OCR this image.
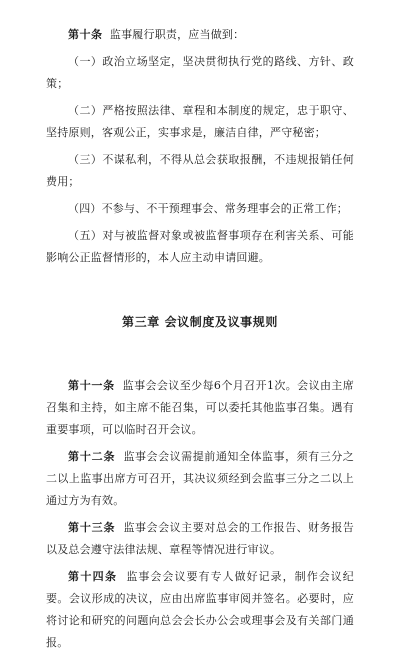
第十条 监事履行职责，应当做到：

（一）政治立场坚定，坚决贯彻执行党的路线、方针、政策；

（二）严格按照法律、章程和本制度的规定，忠于职守、坚持原则，客观公正，实事求是，廉洁自律，严守秘密；

（三）不谋私利，不得从总会获取报酬，不违规报销任何费用；

（四）不参与、不干预理事会、常务理事会的正常工作；

（五）对与被监督对象或被监督事项存在利害关系、可能影响公正监督情形的，本人应主动申请回避。

第三章 会议制度及议事规则

第十一条 监事会会议至少每6个月召开1次。会议由主席召集和主持，如主席不能召集，可以委托其他监事召集。遇有重要事项，可以临时召开会议。

第十二条 监事会会议需提前通知全体监事，须有三分之二以上监事出席方可召开，其决议须经到会监事三分之二以上通过方为有效。

第十三条 监事会会议主要对总会的工作报告、财务报告以及总会遵守法律法规、章程等情况进行审议。

第十四条 监事会会议要有专人做好记录，制作会议纪要。会议形成的决议，应由出席监事审阅并签名。必要时，应将讨论和研究的问题向总会会长办公会或理事会及有关部门通报。
